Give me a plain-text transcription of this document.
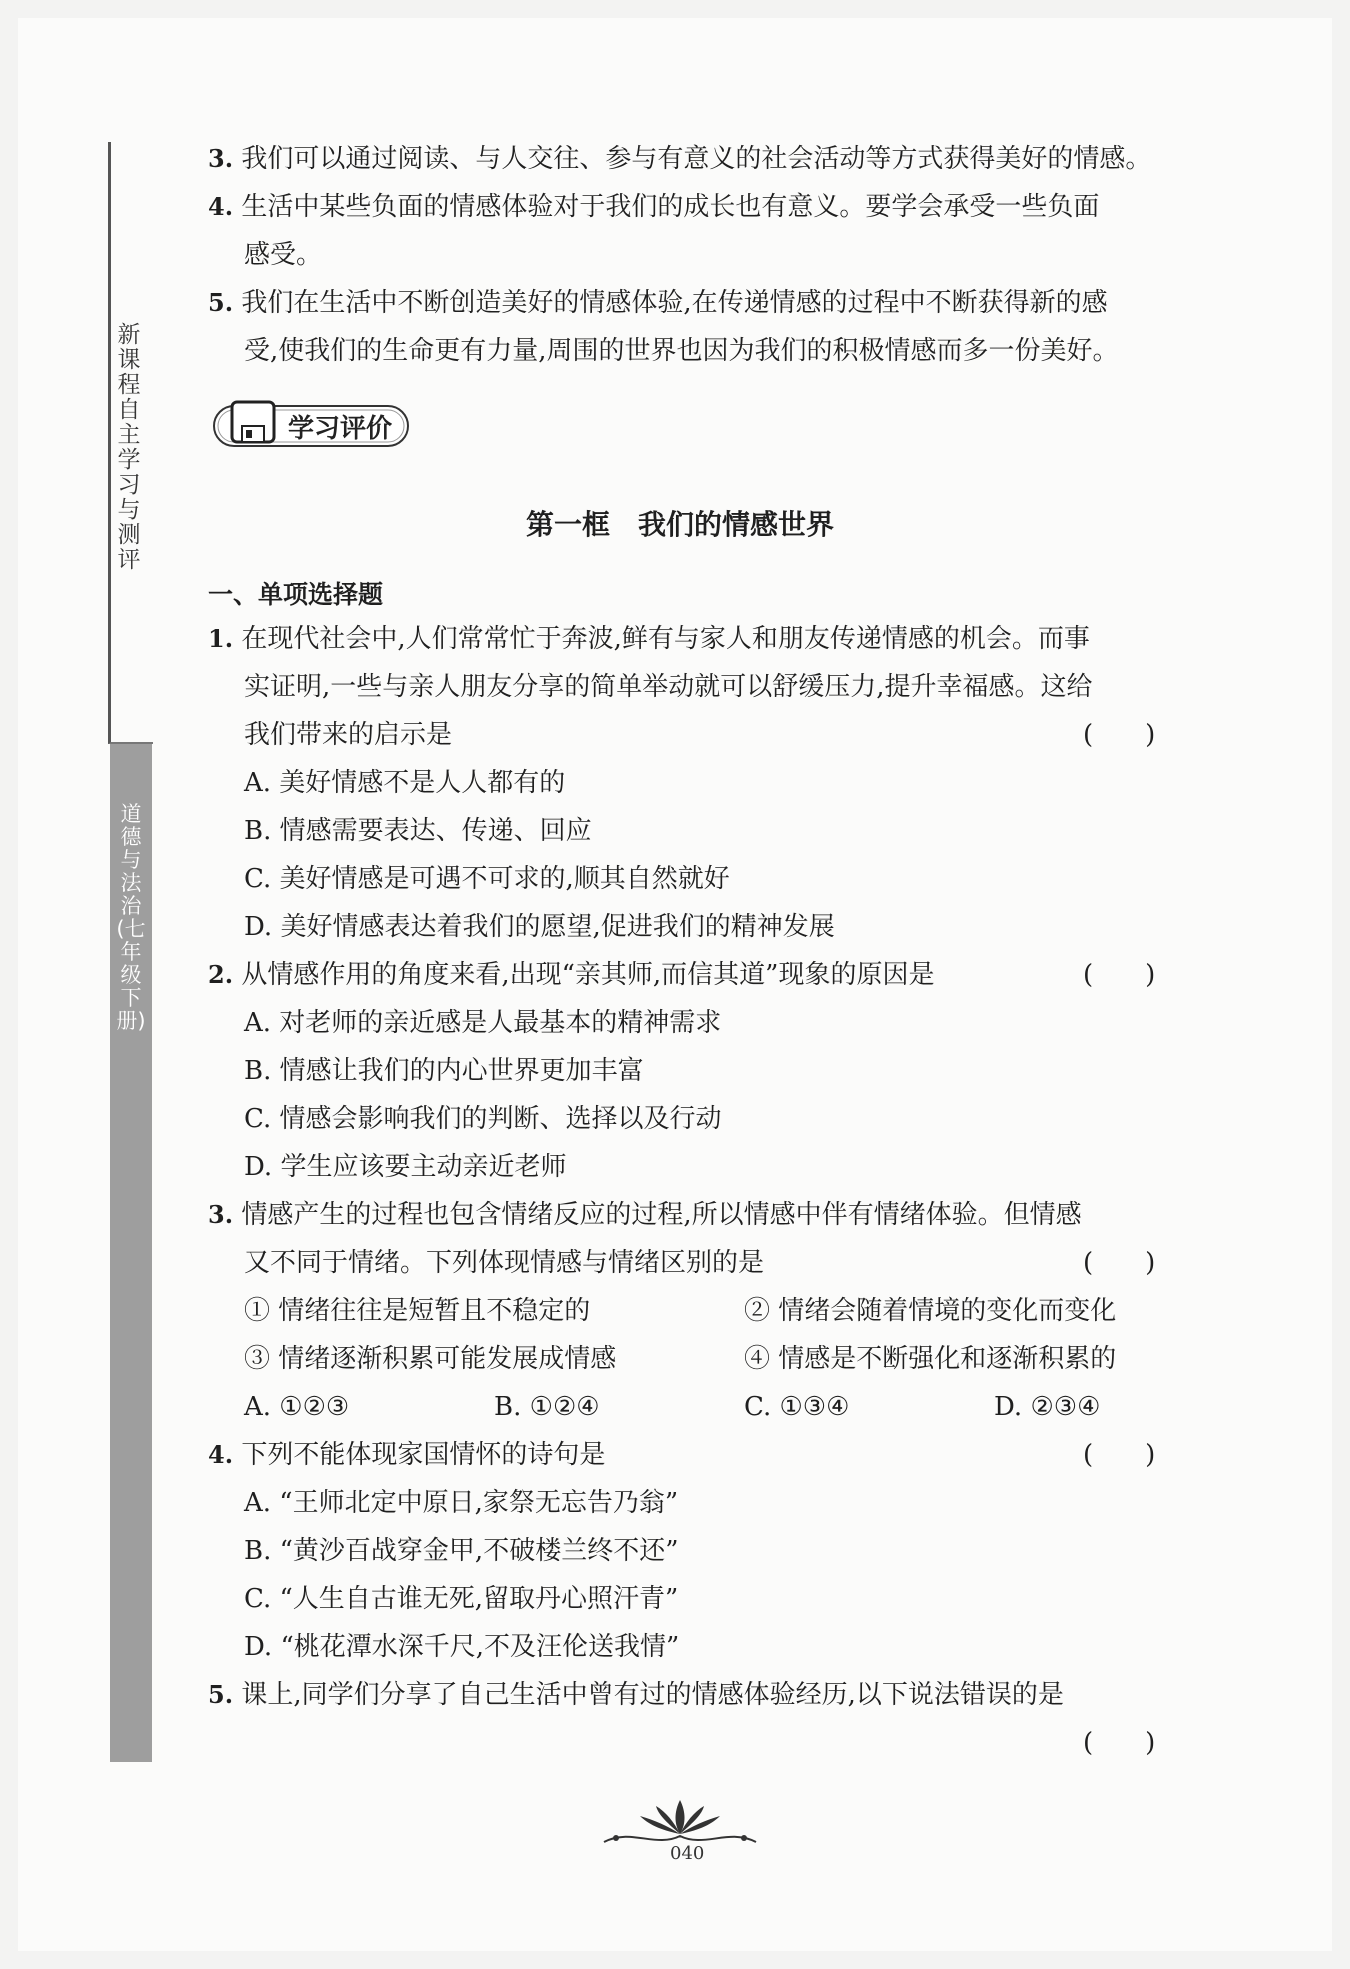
新课程自主学习与测评
道德与法治(七年级下册)
3. 我们可以通过阅读、与人交往、参与有意义的社会活动等方式获得美好的情感。
4. 生活中某些负面的情感体验对于我们的成长也有意义。要学会承受一些负面
感受。
5. 我们在生活中不断创造美好的情感体验,在传递情感的过程中不断获得新的感
受,使我们的生命更有力量,周围的世界也因为我们的积极情感而多一份美好。
学习评价
第一框　我们的情感世界
一、单项选择题
1. 在现代社会中,人们常常忙于奔波,鲜有与家人和朋友传递情感的机会。而事
实证明,一些与亲人朋友分享的简单举动就可以舒缓压力,提升幸福感。这给
我们带来的启示是	(　　)
A. 美好情感不是人人都有的
B. 情感需要表达、传递、回应
C. 美好情感是可遇不可求的,顺其自然就好
D. 美好情感表达着我们的愿望,促进我们的精神发展
2. 从情感作用的角度来看,出现“亲其师,而信其道”现象的原因是	(　　)
A. 对老师的亲近感是人最基本的精神需求
B. 情感让我们的内心世界更加丰富
C. 情感会影响我们的判断、选择以及行动
D. 学生应该要主动亲近老师
3. 情感产生的过程也包含情绪反应的过程,所以情感中伴有情绪体验。但情感
又不同于情绪。下列体现情感与情绪区别的是	(　　)
① 情绪往往是短暂且不稳定的	② 情绪会随着情境的变化而变化
③ 情绪逐渐积累可能发展成情感	④ 情感是不断强化和逐渐积累的
A. ①②③	B. ①②④	C. ①③④	D. ②③④
4. 下列不能体现家国情怀的诗句是	(　　)
A. “王师北定中原日,家祭无忘告乃翁”
B. “黄沙百战穿金甲,不破楼兰终不还”
C. “人生自古谁无死,留取丹心照汗青”
D. “桃花潭水深千尺,不及汪伦送我情”
5. 课上,同学们分享了自己生活中曾有过的情感体验经历,以下说法错误的是
(　　)
040
